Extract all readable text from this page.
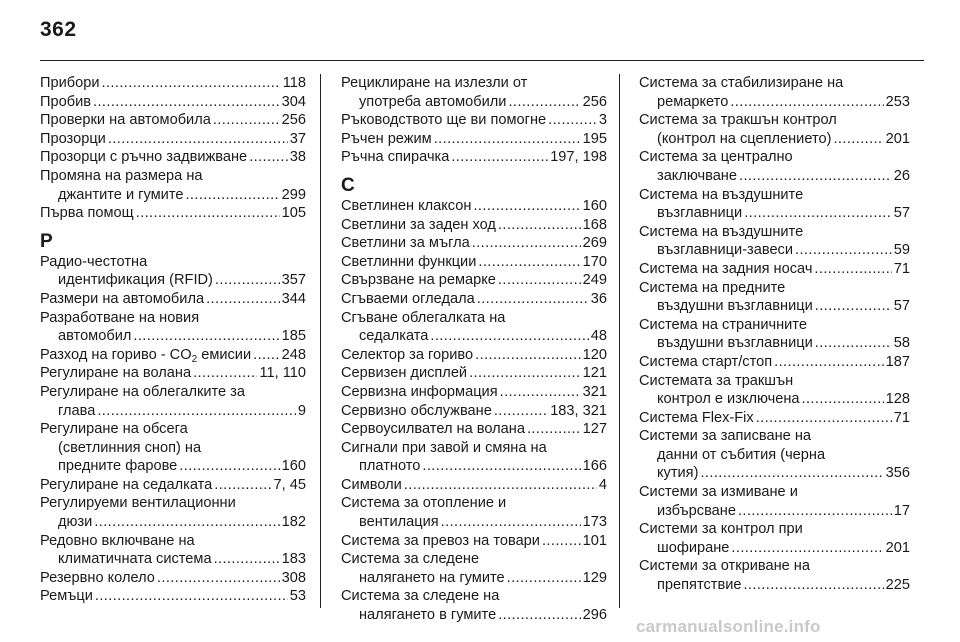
362
Прибори .....	118
Пробив .....	304
Проверки на автомобила .....	256
Прозорци .....	37
Прозорци с ръчно задвижване .....	38
Промяна на размера на
джантите и гумите .....	299
Първа помощ .....	105
Р
Радио-честотна
идентификация (RFID) .....	357
Размери на автомобила .....	344
Разработване на новия
автомобил .....	185
Разход на гориво - $CO_2$ емисии ..... 248
Регулиране на волана .....	11, 110
Регулиране на облегалките за
глава .....	9
Регулиране на обсега
(светлинния сноп) на
предните фарове .....	160
Регулиране на седалката .....	7, 45
Регулируеми вентилационни
дюзи .....	182
Редовно включване на
климатичната система .....	183
Резервно колело .....	308
Ремъци .....	53
Рециклиране на излезли от
употреба автомобили .....	256
Ръководството ще ви помогне .....	3
Ръчен режим .....	195
Ръчна спирачка .....	197, 198
С
Светлинен клаксон .....	160
Светлини за заден ход .....	168
Светлини за мъгла .....	269
Светлинни функции .....	170
Свързване на ремарке .....	249
Сгъваеми огледала .....	36
Сгъване облегалката на
седалката .....	48
Селектор за гориво .....	120
Сервизен дисплей .....	121
Сервизна информация .....	321
Сервизно обслужване .....	183, 321
Сервоусилвател на волана .....	127
Сигнали при завой и смяна на
платното .....	166
Символи .....	4
Система за отопление и
вентилация .....	173
Система за превоз на товари .....	101
Система за следене
налягането на гумите .....	129
Система за следене на
налягането в гумите .....	296
Система за стабилизиране на
ремаркето .....	253
Система за тракшън контрол
(контрол на сцеплението) .....	201
Система за централно
заключване .....	26
Система на въздушните
възглавници .....	57
Система на въздушните
възглавници-завеси .....	59
Система на задния носач .....	71
Система на предните
въздушни възглавници .....	57
Система на страничните
въздушни възглавници .....	58
Система старт/стоп .....	187
Системата за тракшън
контрол е изключена .....	128
Система Flex-Fix .....	71
Системи за записване на
данни от събития (черна
кутия) .....	356
Системи за измиване и
избърсване .....	17
Системи за контрол при
шофиране .....	201
Системи за откриване на
препятствие .....	225
carmanualsonline.info
